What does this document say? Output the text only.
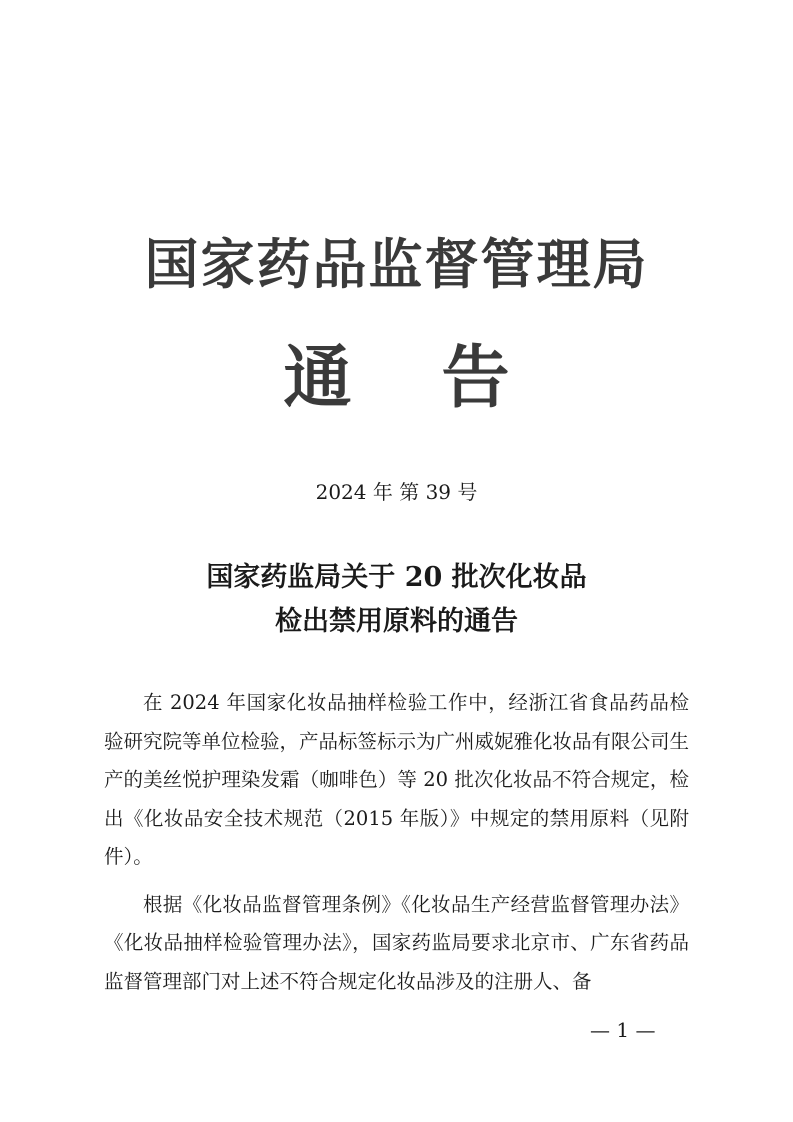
国家药品监督管理局
通 告
2024 年 第 39 号
国家药监局关于 20 批次化妆品
检出禁用原料的通告

在 2024 年国家化妆品抽样检验工作中，经浙江省食品药品检验研究院等单位检验，产品标签标示为广州威妮雅化妆品有限公司生产的美丝悦护理染发霜（咖啡色）等 20 批次化妆品不符合规定，检出《化妆品安全技术规范（2015 年版）》中规定的禁用原料（见附件）。

根据《化妆品监督管理条例》《化妆品生产经营监督管理办法》《化妆品抽样检验管理办法》，国家药监局要求北京市、广东省药品监督管理部门对上述不符合规定化妆品涉及的注册人、备

— 1 —
